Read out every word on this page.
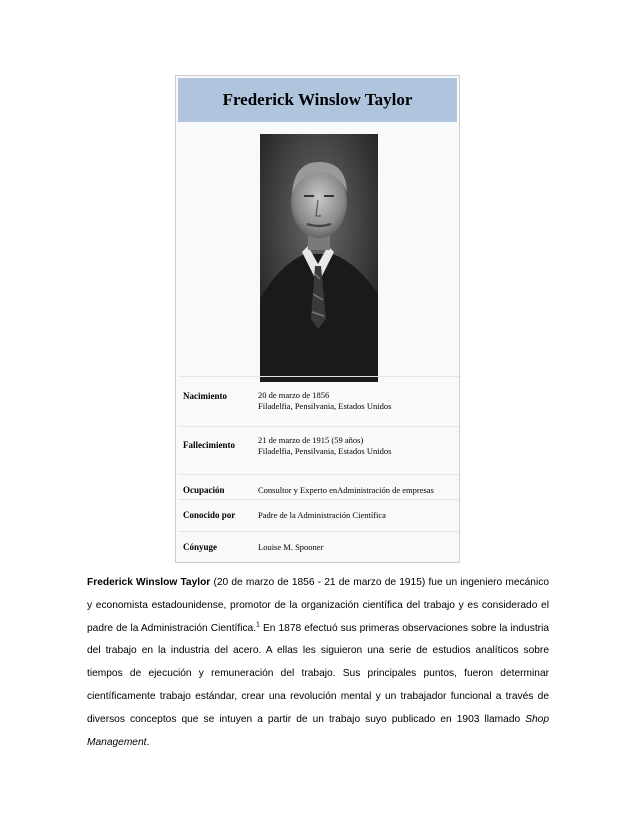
Frederick Winslow Taylor
Nacimiento	20 de marzo de 1856
Filadelfia, Pensilvania, Estados Unidos
Fallecimiento	21 de marzo de 1915 (59 años)
Filadelfia, Pensilvania, Estados Unidos
Ocupación	Consultor y Experto enAdministración de empresas
Conocido por	Padre de la Administración Científica
Cónyuge	Louise M. Spooner

Frederick Winslow Taylor (20 de marzo de 1856 - 21 de marzo de 1915) fue un ingeniero mecánico y economista estadounidense, promotor de la organización científica del trabajo y es considerado el padre de la Administración Científica.$^1$ En 1878 efectuó sus primeras observaciones sobre la industria del trabajo en la industria del acero. A ellas les siguieron una serie de estudios analíticos sobre tiempos de ejecución y remuneración del trabajo. Sus principales puntos, fueron determinar científicamente trabajo estándar, crear una revolución mental y un trabajador funcional a través de diversos conceptos que se intuyen a partir de un trabajo suyo publicado en 1903 llamado Shop Management.
